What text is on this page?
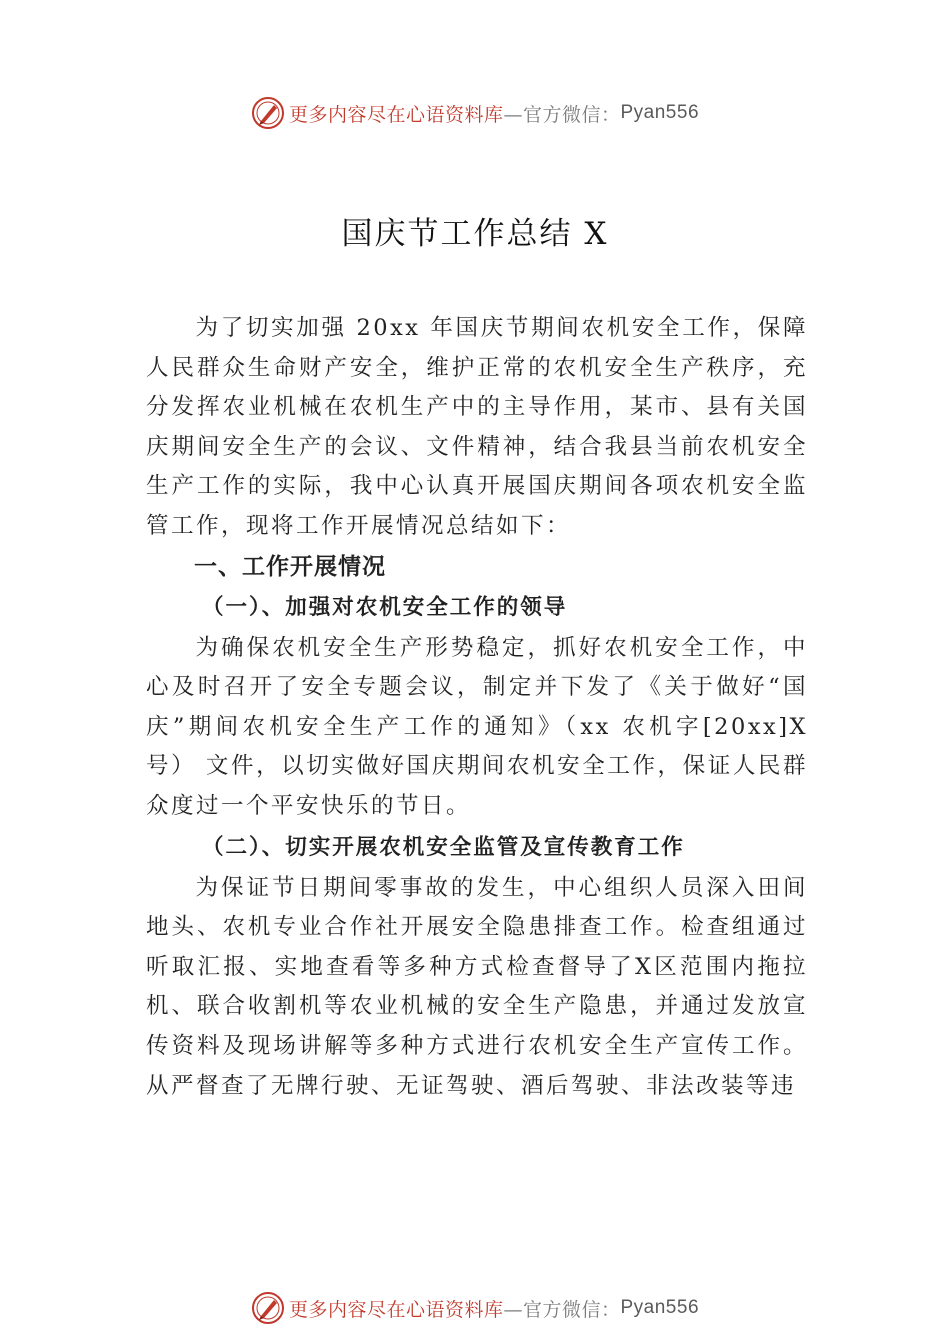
更多内容尽在心语资料库 —官方微信： Pyan556
国庆节工作总结 X

为了切实加强 20xx 年国庆节期间农机安全工作，保障人民群众生命财产安全，维护正常的农机安全生产秩序，充分发挥农业机械在农机生产中的主导作用，某市、县有关国庆期间安全生产的会议、文件精神，结合我县当前农机安全生产工作的实际，我中心认真开展国庆期间各项农机安全监管工作，现将工作开展情况总结如下：

一、工作开展情况
（一）、加强对农机安全工作的领导

为确保农机安全生产形势稳定，抓好农机安全工作，中心及时召开了安全专题会议，制定并下发了《关于做好“国庆”期间农机安全生产工作的通知》（xx 农机字[20xx]X号） 文件，以切实做好国庆期间农机安全工作，保证人民群众度过一个平安快乐的节日。

（二）、切实开展农机安全监管及宣传教育工作

为保证节日期间零事故的发生，中心组织人员深入田间地头、农机专业合作社开展安全隐患排查工作。检查组通过听取汇报、实地查看等多种方式检查督导了X区范围内拖拉机、联合收割机等农业机械的安全生产隐患，并通过发放宣传资料及现场讲解等多种方式进行农机安全生产宣传工作。 从严督查了无牌行驶、无证驾驶、酒后驾驶、非法改装等违

更多内容尽在心语资料库 —官方微信： Pyan556
